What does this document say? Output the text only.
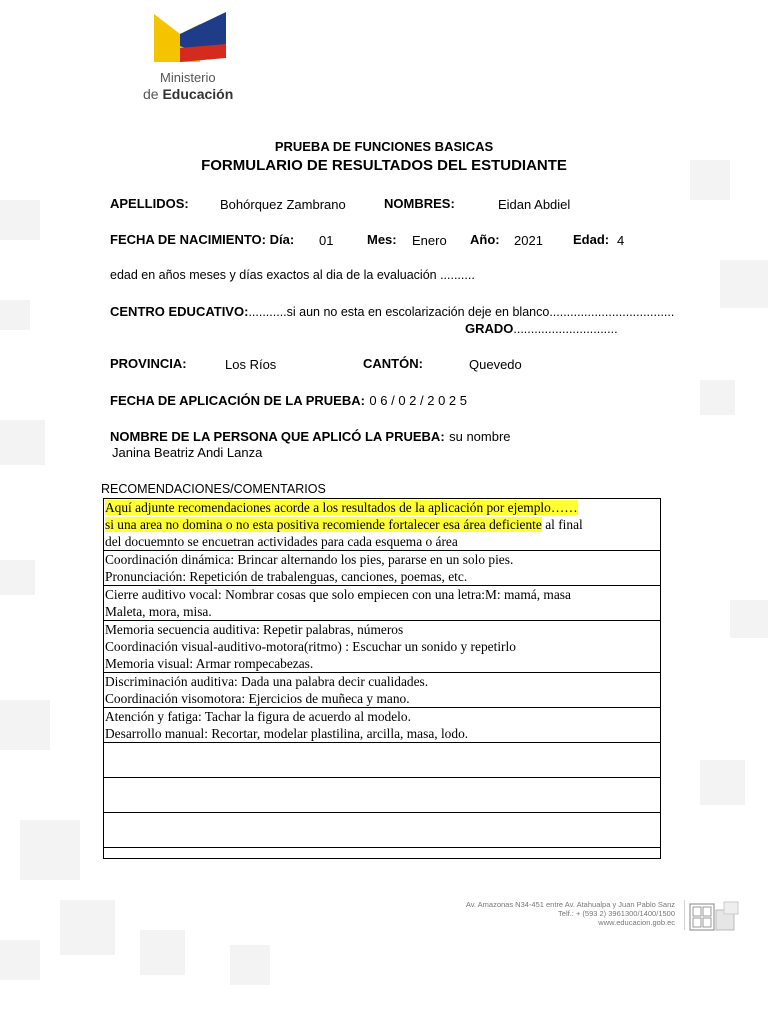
Ministerio
de Educación
PRUEBA DE FUNCIONES BASICAS
FORMULARIO DE RESULTADOS DEL ESTUDIANTE
APELLIDOS: Bohórquez Zambrano	NOMBRES:	Eidan Abdiel
FECHA DE NACIMIENTO: Día: 01	Mes: Enero Año: 2021 Edad: 4
edad en años meses y días exactos al dia de la evaluación ..........
CENTRO EDUCATIVO:...........si aun no esta en escolarización deje en blanco....................................
GRADO..............................
PROVINCIA:	Los Ríos	CANTÓN:	Quevedo
FECHA DE APLICACIÓN DE LA PRUEBA: 0 6 / 0 2 / 2 0 2 5
NOMBRE DE LA PERSONA QUE APLICÓ LA PRUEBA: su nombre
Janina Beatriz Andi Lanza
RECOMENDACIONES/COMENTARIOS
Aquí adjunte recomendaciones acorde a los resultados de la aplicación por ejemplo……
si una area no domina o no esta positiva recomiende fortalecer esa área deficiente al final
del docuemnto se encuetran actividades para cada esquema o área

Coordinación dinámica: Brincar alternando los pies, pararse en un solo pies.
Pronunciación: Repetición de trabalenguas, canciones, poemas, etc.

Cierre auditivo vocal: Nombrar cosas que solo empiecen con una letra:M: mamá, masa
Maleta, mora, misa.

Memoria secuencia auditiva: Repetir palabras, números
Coordinación visual-auditivo-motora(ritmo) : Escuchar un sonido y repetirlo
Memoria visual: Armar rompecabezas.

Discriminación auditiva: Dada una palabra decir cualidades.
Coordinación visomotora: Ejercicios de muñeca y mano.

Atención y fatiga: Tachar la figura de acuerdo al modelo.
Desarrollo manual: Recortar, modelar plastilina, arcilla, masa, lodo.

Av. Amazonas N34-451 entre Av. Atahualpa y Juan Pablo Sanz
Telf.: + (593 2) 3961300/1400/1500
www.educacion.gob.ec
